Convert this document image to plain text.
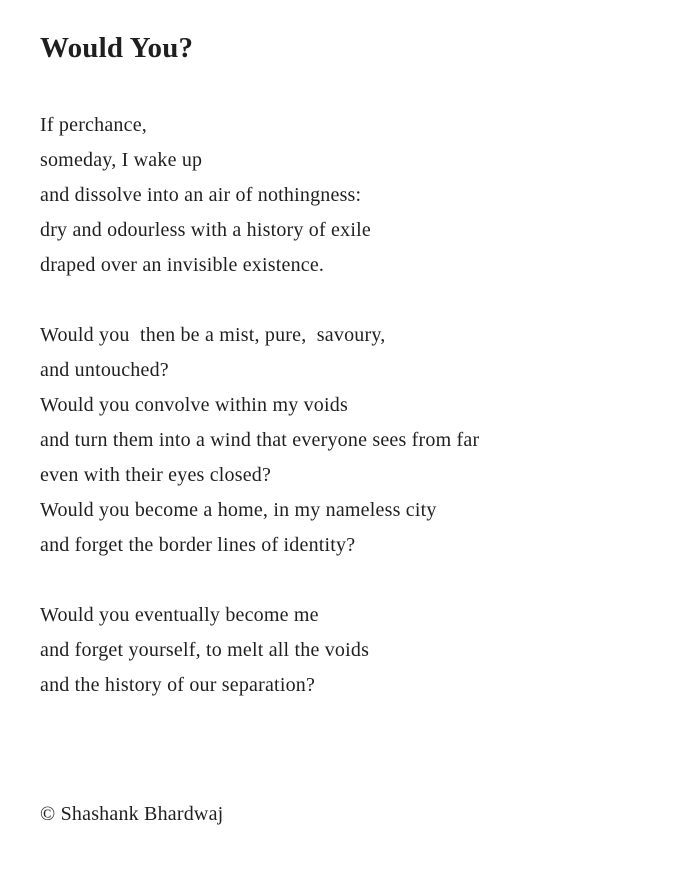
Would You?
If perchance,
someday, I wake up
and dissolve into an air of nothingness:
dry and odourless with a history of exile
draped over an invisible existence.
Would you  then be a mist, pure,  savoury,
and untouched?
Would you convolve within my voids
and turn them into a wind that everyone sees from far
even with their eyes closed?
Would you become a home, in my nameless city
and forget the border lines of identity?
Would you eventually become me
and forget yourself, to melt all the voids
and the history of our separation?
© Shashank Bhardwaj
